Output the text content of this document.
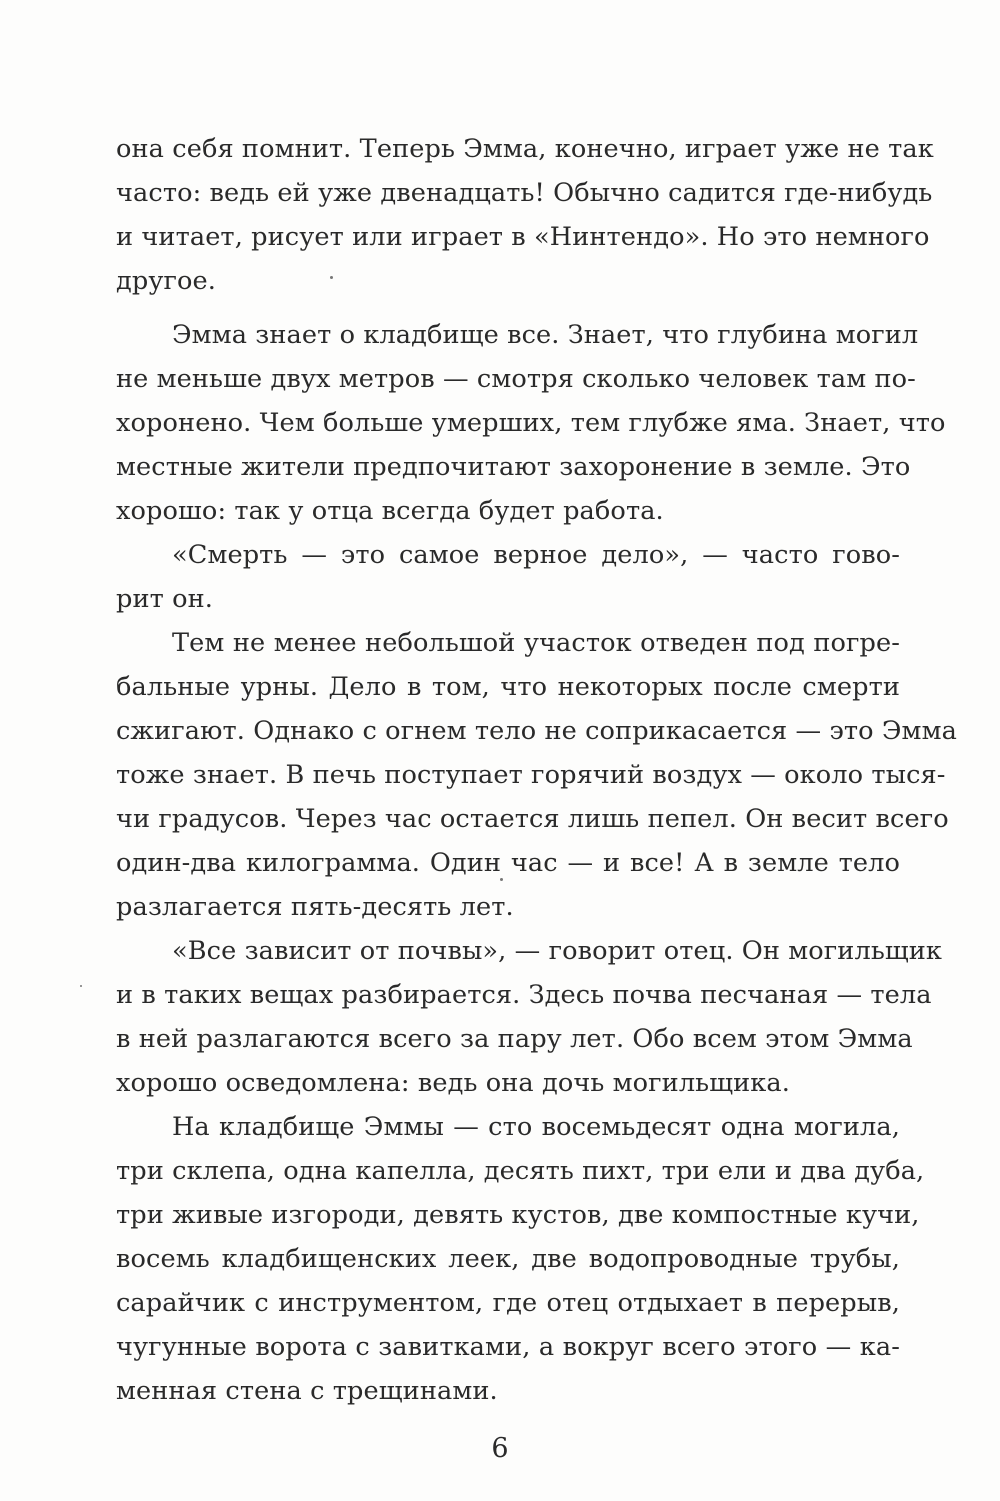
она себя помнит. Теперь Эмма, конечно, играет уже не так
часто: ведь ей уже двенадцать! Обычно садится где-нибудь
и читает, рисует или играет в «Нинтендо». Но это немного
другое.
Эмма знает о кладбище все. Знает, что глубина могил
не меньше двух метров — смотря сколько человек там по-
хоронено. Чем больше умерших, тем глубже яма. Знает, что
местные жители предпочитают захоронение в земле. Это
хорошо: так у отца всегда будет работа.
«Смерть — это самое верное дело», — часто гово-
рит он.
Тем не менее небольшой участок отведен под погре-
бальные урны. Дело в том, что некоторых после смерти
сжигают. Однако с огнем тело не соприкасается — это Эмма
тоже знает. В печь поступает горячий воздух — около тыся-
чи градусов. Через час остается лишь пепел. Он весит всего
один-два килограмма. Один час — и все! А в земле тело
разлагается пять-десять лет.
«Все зависит от почвы», — говорит отец. Он могильщик
и в таких вещах разбирается. Здесь почва песчаная — тела
в ней разлагаются всего за пару лет. Обо всем этом Эмма
хорошо осведомлена: ведь она дочь могильщика.
На кладбище Эммы — сто восемьдесят одна могила,
три склепа, одна капелла, десять пихт, три ели и два дуба,
три живые изгороди, девять кустов, две компостные кучи,
восемь кладбищенских леек, две водопроводные трубы,
сарайчик с инструментом, где отец отдыхает в перерыв,
чугунные ворота с завитками, а вокруг всего этого — ка-
менная стена с трещинами.
6
